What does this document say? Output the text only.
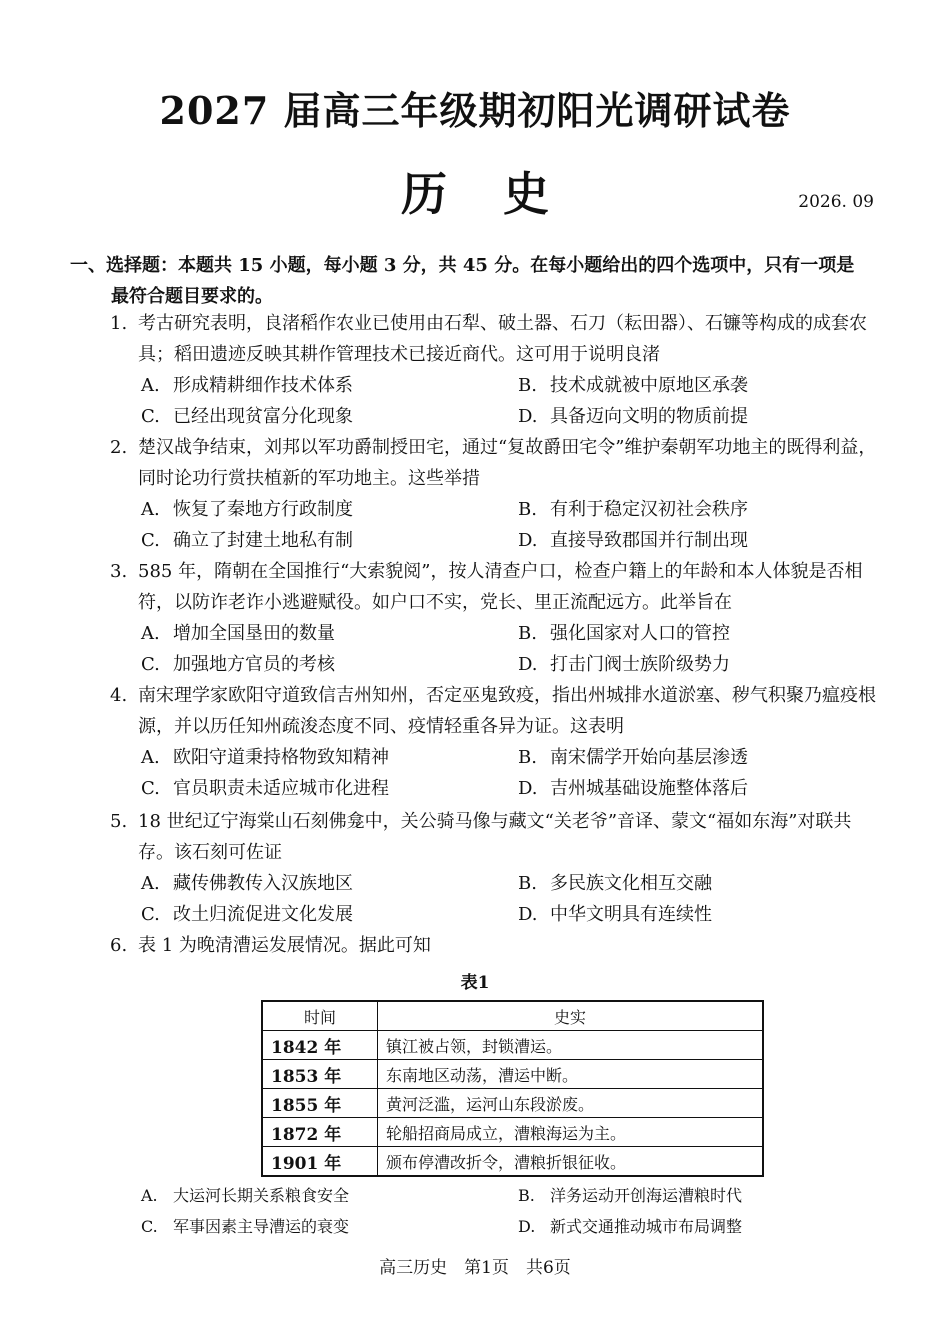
2027 届高三年级期初阳光调研试卷
历史	2026. 09
一、选择题：本题共 15 小题，每小题 3 分，共 45 分。在每小题给出的四个选项中，只有一项是
最符合题目要求的。
1. 考古研究表明，良渚稻作农业已使用由石犁、破土器、石刀（耘田器）、石镰等构成的成套农具；稻田遗迹反映其耕作管理技术已接近商代。这可用于说明良渚
A. 形成精耕细作技术体系	B. 技术成就被中原地区承袭
C. 已经出现贫富分化现象	D. 具备迈向文明的物质前提
2. 楚汉战争结束，刘邦以军功爵制授田宅，通过“复故爵田宅令”维护秦朝军功地主的既得利益，同时论功行赏扶植新的军功地主。这些举措
A. 恢复了秦地方行政制度	B. 有利于稳定汉初社会秩序
C. 确立了封建土地私有制	D. 直接导致郡国并行制出现
3. 585 年，隋朝在全国推行“大索貌阅”，按人清查户口，检查户籍上的年龄和本人体貌是否相符，以防诈老诈小逃避赋役。如户口不实，党长、里正流配远方。此举旨在
A. 增加全国垦田的数量	B. 强化国家对人口的管控
C. 加强地方官员的考核	D. 打击门阀士族阶级势力
4. 南宋理学家欧阳守道致信吉州知州，否定巫鬼致疫，指出州城排水道淤塞、秽气积聚乃瘟疫根源，并以历任知州疏浚态度不同、疫情轻重各异为证。这表明
A. 欧阳守道秉持格物致知精神	B. 南宋儒学开始向基层渗透
C. 官员职责未适应城市化进程	D. 吉州城基础设施整体落后
5. 18 世纪辽宁海棠山石刻佛龛中，关公骑马像与藏文“关老爷”音译、蒙文“福如东海”对联共存。该石刻可佐证
A. 藏传佛教传入汉族地区	B. 多民族文化相互交融
C. 改土归流促进文化发展	D. 中华文明具有连续性
6. 表 1 为晚清漕运发展情况。据此可知
表1
时间	史实
1842 年	镇江被占领，封锁漕运。
1853 年	东南地区动荡，漕运中断。
1855 年	黄河泛滥，运河山东段淤废。
1872 年	轮船招商局成立，漕粮海运为主。
1901 年	颁布停漕改折令，漕粮折银征收。
A. 大运河长期关系粮食安全	B. 洋务运动开创海运漕粮时代
C. 军事因素主导漕运的衰变	D. 新式交通推动城市布局调整
高三历史　第1页　共6页
